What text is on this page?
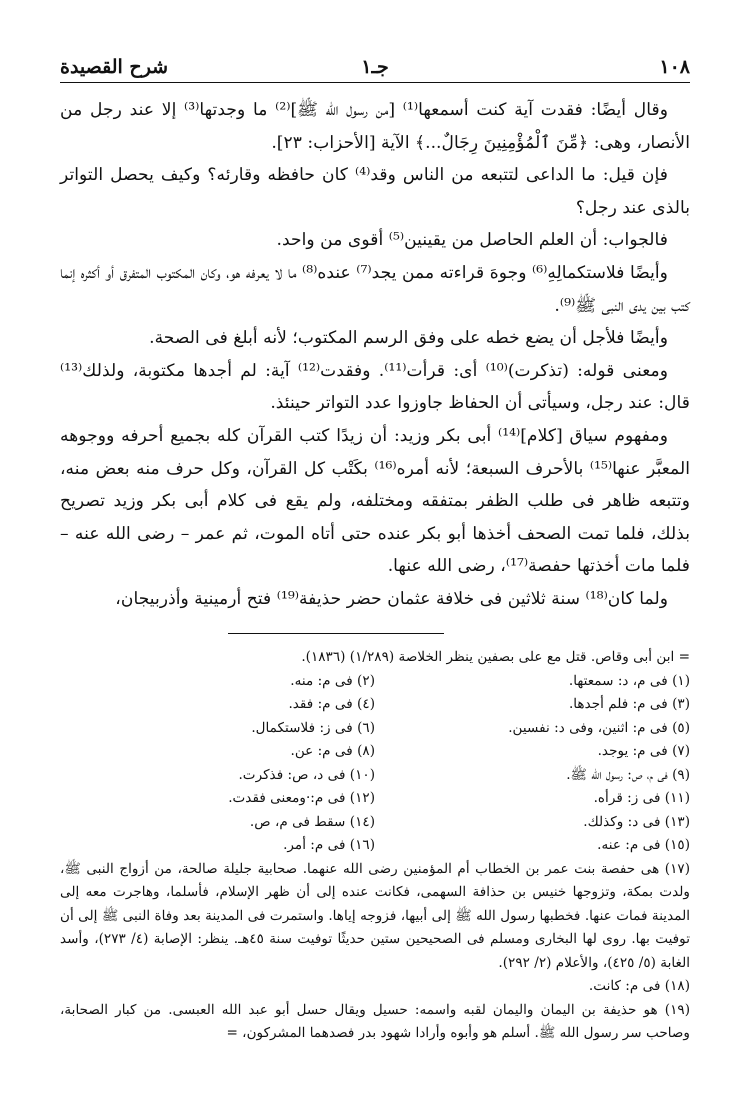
١٠٨
جـ١
شرح القصيدة

وقال أيضًا: فقدت آية كنت أسمعها⁽¹⁾ [من رسول الله ﷺ]⁽²⁾ ما وجدتها⁽³⁾ إلا عند رجل من الأنصار، وهى: ﴿مِّنَ ٱلْمُؤْمِنِينَ رِجَالٌ...﴾ الآية [الأحزاب: ٢٣].

فإن قيل: ما الداعى لتتبعه من الناس وقد⁽⁴⁾ كان حافظه وقارئه؟ وكيف يحصل التواتر بالذى عند رجل؟

فالجواب: أن العلم الحاصل من يقينين⁽⁵⁾ أقوى من واحد.

وأيضًا فلاستكمالِهِ⁽⁶⁾ وجوهَ قراءته ممن يجد⁽⁷⁾ عنده⁽⁸⁾ ما لا يعرفه هو، وكان المكتوب المتفرق أو أكثره إنما كتب بين يدى النبى ﷺ⁽⁹⁾.

وأيضًا فلأجل أن يضع خطه على وفق الرسم المكتوب؛ لأنه أبلغ فى الصحة.

ومعنى قوله: (تذكرت)⁽¹⁰⁾ أى: قرأت⁽¹¹⁾. وفقدت⁽¹²⁾ آية: لم أجدها مكتوبة، ولذلك⁽¹³⁾ قال: عند رجل، وسيأتى أن الحفاظ جاوزوا عدد التواتر حينئذ.

ومفهوم سياق [كلام]⁽¹⁴⁾ أبى بكر وزيد: أن زيدًا كتب القرآن كله بجميع أحرفه ووجوهه المعبَّر عنها⁽¹⁵⁾ بالأحرف السبعة؛ لأنه أمره⁽¹⁶⁾ بكَتْب كل القرآن، وكل حرف منه بعض منه، وتتبعه ظاهر فى طلب الظفر بمتفقه ومختلفه، ولم يقع فى كلام أبى بكر وزيد تصريح بذلك، فلما تمت الصحف أخذها أبو بكر عنده حتى أتاه الموت، ثم عمر – رضى الله عنه – فلما مات أخذتها حفصة⁽¹⁷⁾، رضى الله عنها.

ولما كان⁽¹⁸⁾ سنة ثلاثين فى خلافة عثمان حضر حذيفة⁽¹⁹⁾ فتح أرمينية وأذربيجان،

= ابن أبى وقاص. قتل مع على بصفين ينظر الخلاصة (١/٢٨٩) (١٨٣٦).
(١) فى م، د: سمعتها.
(٢) فى م: منه.
(٣) فى م: فلم أجدها.
(٤) فى م: فقد.
(٥) فى م: اثنين، وفى د: نفسين.
(٦) فى ز: فلاستكمال.
(٧) فى م: يوجد.
(٨) فى م: عن.
(٩) فى م، ص: رسول الله ﷺ.
(١٠) فى د، ص: فذكرت.
(١١) فى ز: قرأه.
(١٢) فى م:·ومعنى فقدت.
(١٣) فى د: وكذلك.
(١٤) سقط فى م، ص.
(١٥) فى م: عنه.
(١٦) فى م: أمر.
(١٧) هى حفصة بنت عمر بن الخطاب أم المؤمنين رضى الله عنهما. صحابية جليلة صالحة، من أزواج النبى ﷺ، ولدت بمكة، وتزوجها خنيس بن حذافة السهمى، فكانت عنده إلى أن ظهر الإسلام، فأسلما، وهاجرت معه إلى المدينة فمات عنها. فخطبها رسول الله ﷺ إلى أبيها، فزوجه إياها. واستمرت فى المدينة بعد وفاة النبى ﷺ إلى أن توفيت بها. روى لها البخارى ومسلم فى الصحيحين ستين حديثًا توفيت سنة ٤٥هـ. ينظر: الإصابة (٤/ ٢٧٣)، وأسد الغابة (٥/ ٤٢٥)، والأعلام (٢/ ٢٩٢).
(١٨) فى م: كانت.
(١٩) هو حذيفة بن اليمان واليمان لقبه واسمه: حسيل ويقال حسل أبو عبد الله العبسى. من كبار الصحابة، وصاحب سر رسول الله ﷺ. أسلم هو وأبوه وأرادا شهود بدر فصدهما المشركون، =
